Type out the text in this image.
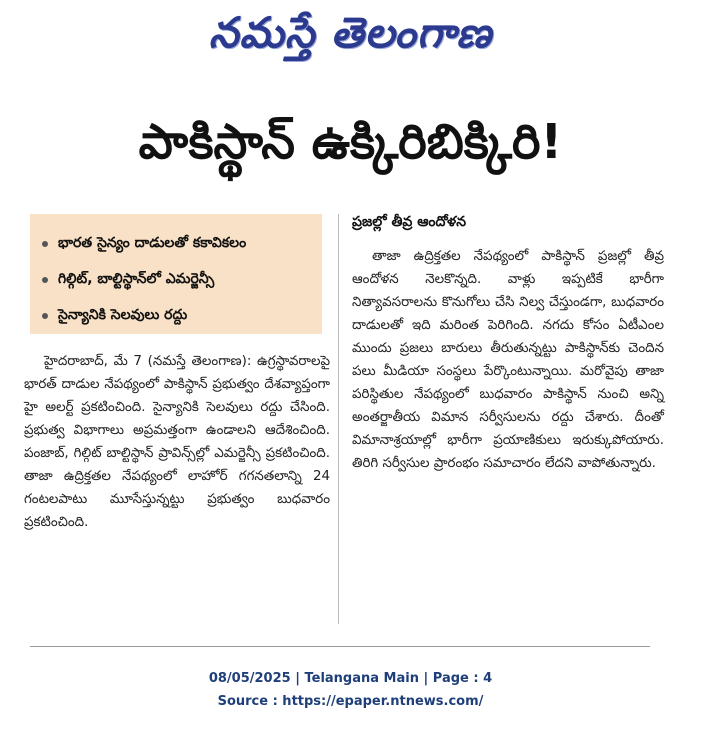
నమస్తే తెలంగాణ
పాకిస్థాన్ ఉక్కిరిబిక్కిరి!
భారత సైన్యం దాడులతో కకావికలం
గిల్గిట్, బాల్టిస్థాన్‌లో ఎమర్జెన్సీ
సైన్యానికి సెలవులు రద్దు

హైదరాబాద్, మే 7 (నమస్తే తెలంగాణ): ఉగ్రస్థావరాలపై భారత్ దాడుల నేపథ్యంలో పాకిస్థాన్ ప్రభుత్వం దేశవ్యాప్తంగా హై అలర్ట్ ప్రకటించింది. సైన్యానికి సెలవులు రద్దు చేసింది. ప్రభుత్వ విభాగాలు అప్రమత్తంగా ఉండాలని ఆదేశించింది. పంజాబ్, గిల్గిట్ బాల్టిస్థాన్ ప్రావిన్స్‌ల్లో ఎమర్జెన్సీ ప్రకటించింది. తాజా ఉద్రిక్తతల నేపథ్యంలో లాహోర్ గగనతలాన్ని 24 గంటలపాటు మూసేస్తున్నట్టు ప్రభుత్వం బుధవారం ప్రకటించింది.

ప్రజల్లో తీవ్ర ఆందోళన

తాజా ఉద్రిక్తతల నేపథ్యంలో పాకిస్థాన్ ప్రజల్లో తీవ్ర ఆందోళన నెలకొన్నది. వాళ్లు ఇప్పటికే భారీగా నిత్యావసరాలను కొనుగోలు చేసి నిల్వ చేస్తుండగా, బుధవారం దాడులతో ఇది మరింత పెరిగింది. నగదు కోసం ఏటీఎంల ముందు ప్రజలు బారులు తీరుతున్నట్టు పాకిస్థాన్‌కు చెందిన పలు మీడియా సంస్థలు పేర్కొంటున్నాయి. మరోవైపు తాజా పరిస్థితుల నేపథ్యంలో బుధవారం పాకిస్థాన్ నుంచి అన్ని అంతర్జాతీయ విమాన సర్వీసులను రద్దు చేశారు. దీంతో విమానాశ్రయాల్లో భారీగా ప్రయాణికులు ఇరుక్కుపోయారు. తిరిగి సర్వీసుల ప్రారంభం సమాచారం లేదని వాపోతున్నారు.

08/05/2025 | Telangana Main | Page : 4
Source : https://epaper.ntnews.com/
